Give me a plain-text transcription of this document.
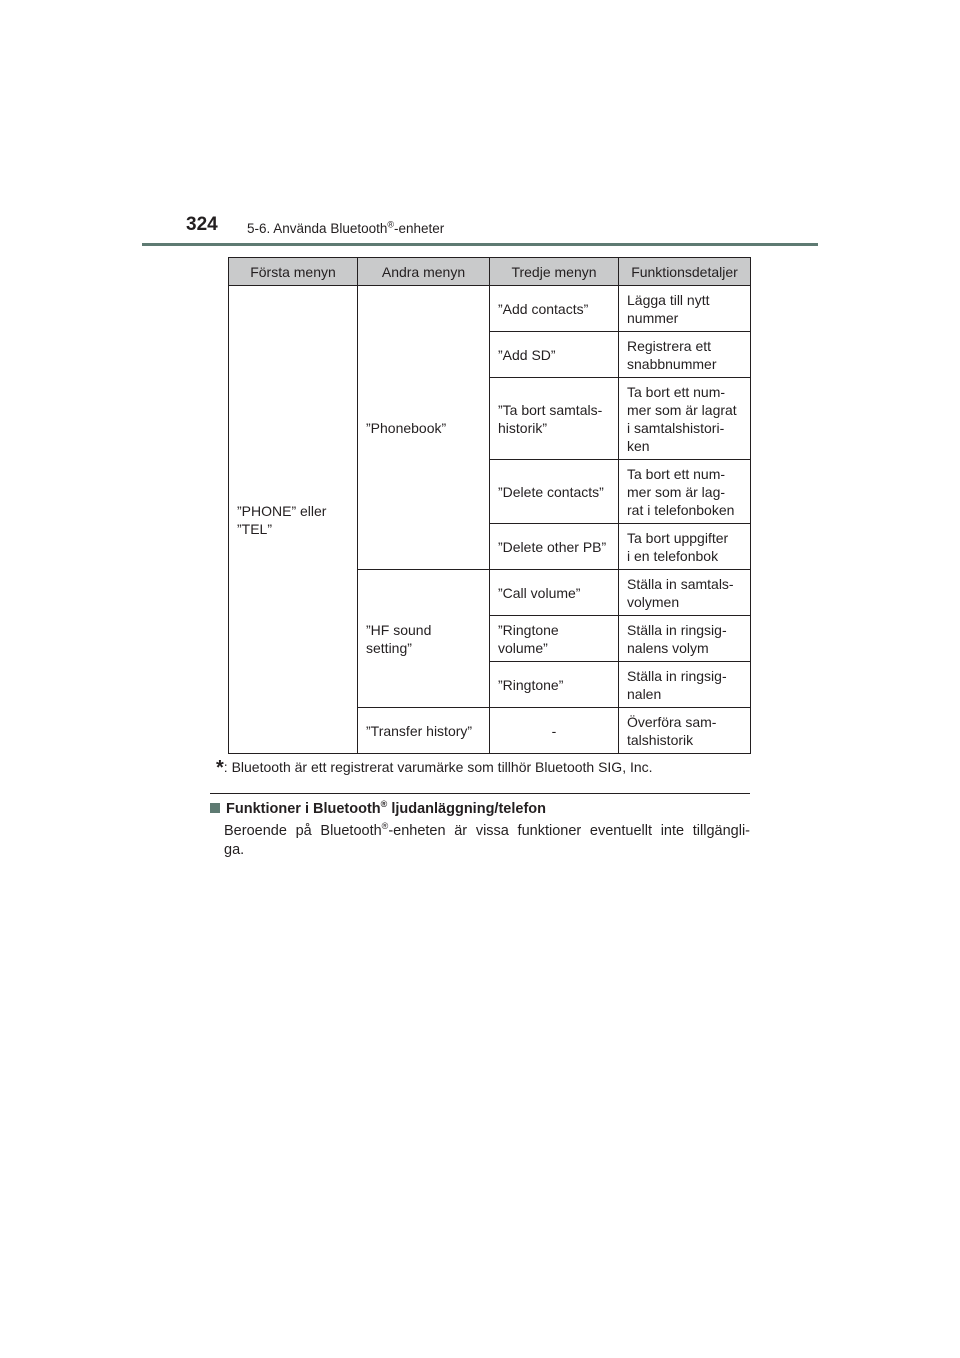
324 5-6. Använda Bluetooth®-enheter
Första menyn	Andra menyn	Tredje menyn	Funktionsdetaljer
”PHONE” eller
”TEL”	”Phonebook”	”Add contacts”	Lägga till nytt
nummer
		”Add SD”	Registrera ett
snabbnummer
		”Ta bort samtals-
historik”	Ta bort ett num-
mer som är lagrat
i samtalshistori-
ken
		”Delete contacts”	Ta bort ett num-
mer som är lag-
rat i telefonboken
		”Delete other PB”	Ta bort uppgifter
i en telefonbok
	”HF sound
setting”	”Call volume”	Ställa in samtals-
volymen
		”Ringtone
volume”	Ställa in ringsig-
nalens volym
		”Ringtone”	Ställa in ringsig-
nalen
	”Transfer history”	-	Överföra sam-
talshistorik
*: Bluetooth är ett registrerat varumärke som tillhör Bluetooth SIG, Inc.
Funktioner i Bluetooth® ljudanläggning/telefon
Beroende på Bluetooth®-enheten är vissa funktioner eventuellt inte tillgängli-
ga.
